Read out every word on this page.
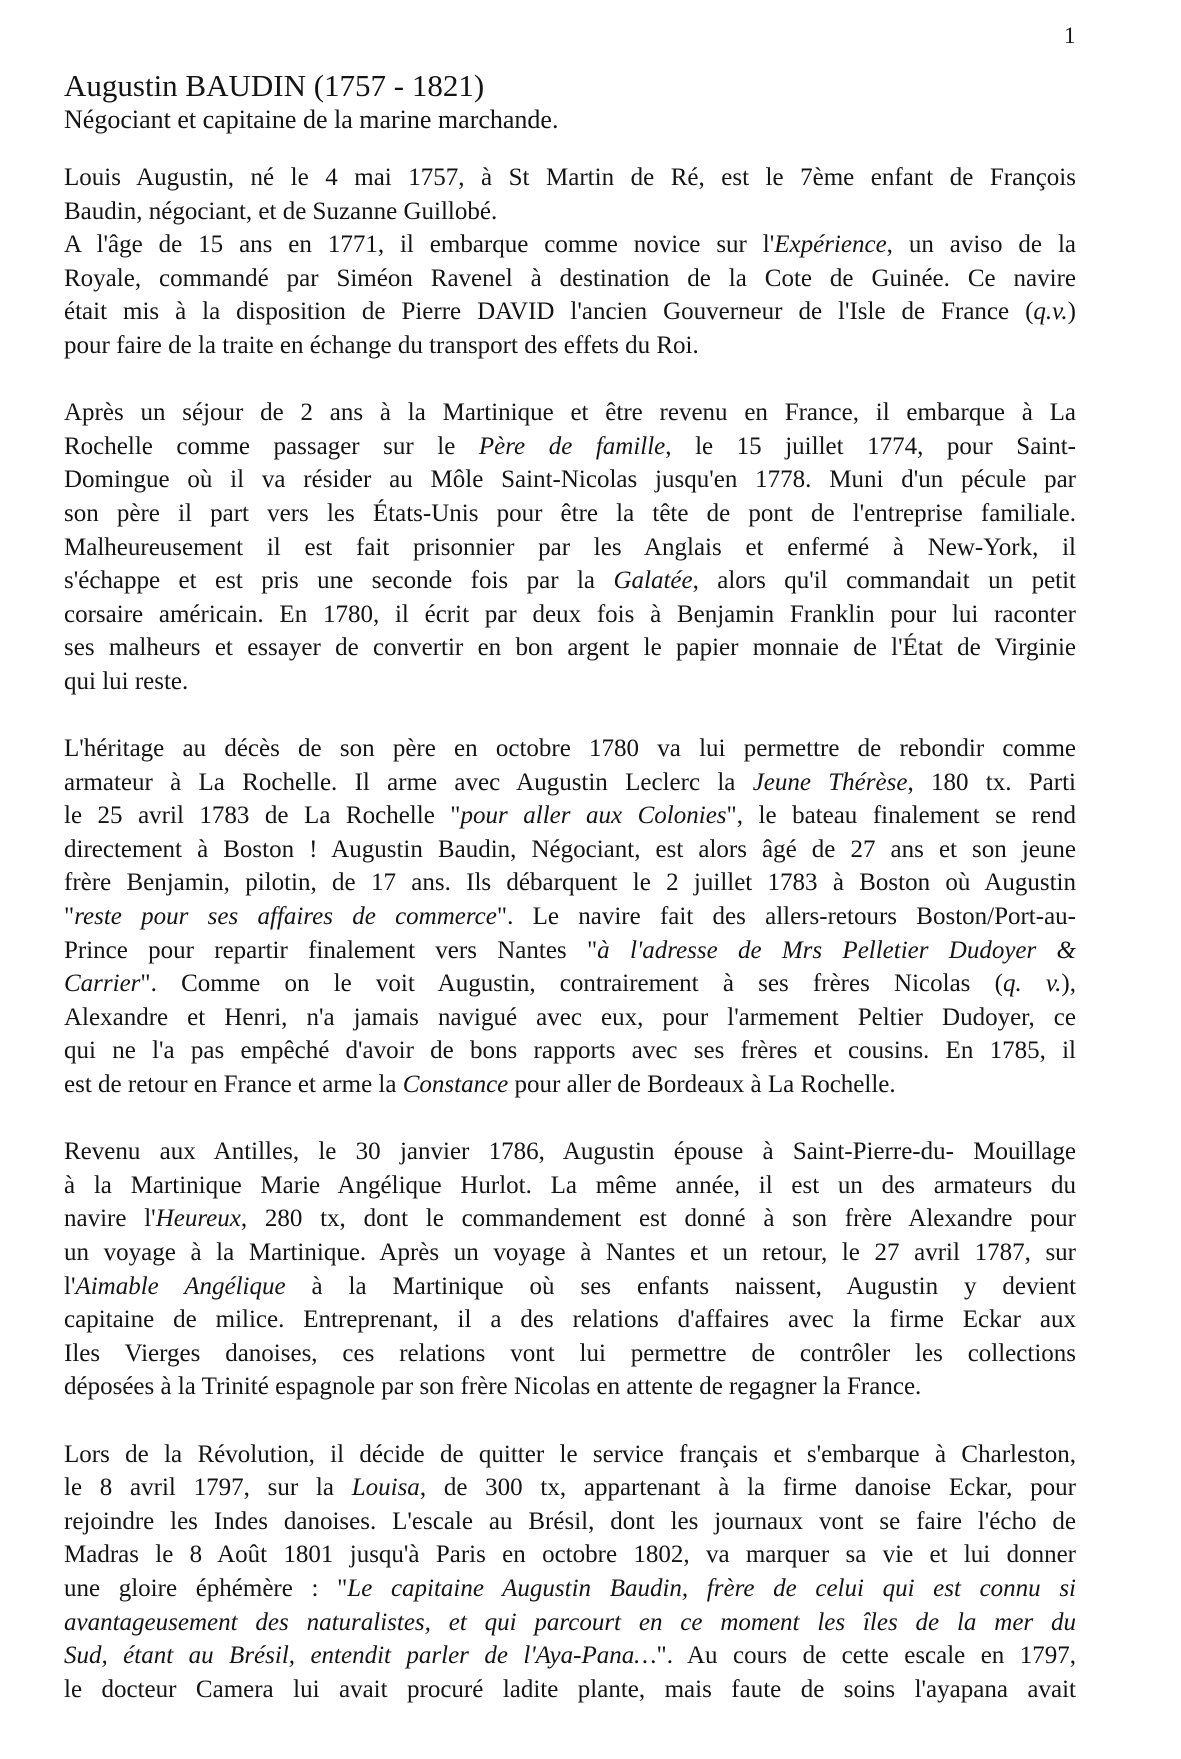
1
Augustin BAUDIN (1757 - 1821)
Négociant et capitaine de la marine marchande.
Louis Augustin, né le 4 mai 1757, à St Martin de Ré, est le 7ème enfant de François
Baudin, négociant, et de Suzanne Guillobé.
A l'âge de 15 ans en 1771, il embarque comme novice sur l'Expérience, un aviso de la
Royale, commandé par Siméon Ravenel à destination de la Cote de Guinée. Ce navire
était mis à la disposition de Pierre DAVID l'ancien Gouverneur de l'Isle de France (q.v.)
pour faire de la traite en échange du transport des effets du Roi.
Après un séjour de 2 ans à la Martinique et être revenu en France, il embarque à La
Rochelle comme passager sur le Père de famille, le 15 juillet 1774, pour Saint-
Domingue où il va résider au Môle Saint-Nicolas jusqu'en 1778. Muni d'un pécule par
son père il part vers les États-Unis pour être la tête de pont de l'entreprise familiale.
Malheureusement il est fait prisonnier par les Anglais et enfermé à New-York, il
s'échappe et est pris une seconde fois par la Galatée, alors qu'il commandait un petit
corsaire américain. En 1780, il écrit par deux fois à Benjamin Franklin pour lui raconter
ses malheurs et essayer de convertir en bon argent le papier monnaie de l'État de Virginie
qui lui reste.
L'héritage au décès de son père en octobre 1780 va lui permettre de rebondir comme
armateur à La Rochelle. Il arme avec Augustin Leclerc la Jeune Thérèse, 180 tx. Parti
le 25 avril 1783 de La Rochelle "pour aller aux Colonies", le bateau finalement se rend
directement à Boston ! Augustin Baudin, Négociant, est alors âgé de 27 ans et son jeune
frère Benjamin, pilotin, de 17 ans. Ils débarquent le 2 juillet 1783 à Boston où Augustin
"reste pour ses affaires de commerce". Le navire fait des allers-retours Boston/Port-au-
Prince pour repartir finalement vers Nantes "à l'adresse de Mrs Pelletier Dudoyer &
Carrier". Comme on le voit Augustin, contrairement à ses frères Nicolas (q. v.),
Alexandre et Henri, n'a jamais navigué avec eux, pour l'armement Peltier Dudoyer, ce
qui ne l'a pas empêché d'avoir de bons rapports avec ses frères et cousins. En 1785, il
est de retour en France et arme la Constance pour aller de Bordeaux à La Rochelle.
Revenu aux Antilles, le 30 janvier 1786, Augustin épouse à Saint-Pierre-du- Mouillage
à la Martinique Marie Angélique Hurlot. La même année, il est un des armateurs du
navire l'Heureux, 280 tx, dont le commandement est donné à son frère Alexandre pour
un voyage à la Martinique. Après un voyage à Nantes et un retour, le 27 avril 1787, sur
l'Aimable Angélique à la Martinique où ses enfants naissent, Augustin y devient
capitaine de milice. Entreprenant, il a des relations d'affaires avec la firme Eckar aux
Iles Vierges danoises, ces relations vont lui permettre de contrôler les collections
déposées à la Trinité espagnole par son frère Nicolas en attente de regagner la France.
Lors de la Révolution, il décide de quitter le service français et s'embarque à Charleston,
le 8 avril 1797, sur la Louisa, de 300 tx, appartenant à la firme danoise Eckar, pour
rejoindre les Indes danoises. L'escale au Brésil, dont les journaux vont se faire l'écho de
Madras le 8 Août 1801 jusqu'à Paris en octobre 1802, va marquer sa vie et lui donner
une gloire éphémère : "Le capitaine Augustin Baudin, frère de celui qui est connu si
avantageusement des naturalistes, et qui parcourt en ce moment les îles de la mer du
Sud, étant au Brésil, entendit parler de l'Aya-Pana…". Au cours de cette escale en 1797,
le docteur Camera lui avait procuré ladite plante, mais faute de soins l'ayapana avait
